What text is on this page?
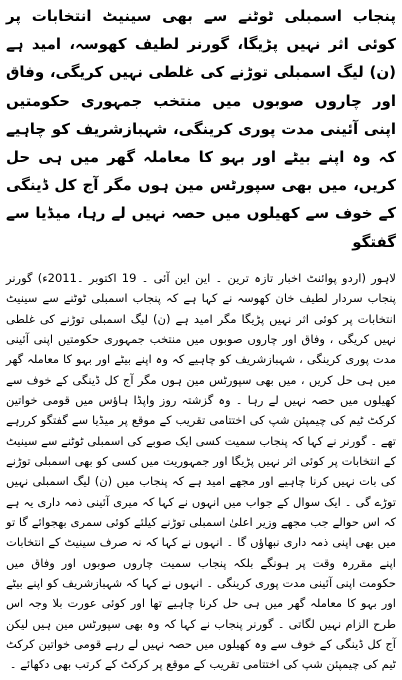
پنجاب اسمبلی ٹوٹنے سے بھی سینیٹ انتخابات پر کوئی اثر نہیں پڑیگا، گورنر لطیف کھوسہ، امید ہے (ن) لیگ اسمبلی توڑنے کی غلطی نہیں کریگی، وفاق اور چاروں صوبوں میں منتخب جمہوری حکومتیں اپنی آئینی مدت پوری کرینگی، شہبازشریف کو چاہیے کہ وہ اپنے بیٹے اور بہو کا معاملہ گھر میں ہی حل کریں، میں بھی سپورٹس مین ہوں مگر آج کل ڈینگی کے خوف سے کھیلوں میں حصہ نہیں لے رہا، میڈیا سے گفتگو

لاہور (اردو پوائنٹ اخبار تازہ ترین ۔ این این آئی ۔ 19 اکتوبر ۔2011ء) گورنر پنجاب سردار لطیف خان کھوسہ نے کہا ہے کہ پنجاب اسمبلی ٹوٹنے سے سینیٹ انتخابات پر کوئی اثر نہیں پڑیگا مگر امید ہے (ن) لیگ اسمبلی توڑنے کی غلطی نہیں کریگی ، وفاق اور چاروں صوبوں میں منتخب جمہوری حکومتیں اپنی آئینی مدت پوری کرینگی ، شہبازشریف کو چاہیے کہ وہ اپنے بیٹے اور بہو کا معاملہ گھر میں ہی حل کریں ، میں بھی سپورٹس مین ہوں مگر آج کل ڈینگی کے خوف سے کھیلوں میں حصہ نہیں لے رہا ۔ وہ گزشتہ روز واپڈا ہاؤس میں قومی خواتین کرکٹ ٹیم کی چیمپئن شپ کی اختتامی تقریب کے موقع پر میڈیا سے گفتگو کررہے تھے ۔ گورنر نے کہا کہ پنجاب سمیت کسی ایک صوبے کی اسمبلی ٹوٹنے سے سینیٹ کے انتخابات پر کوئی اثر نہیں پڑیگا اور جمہوریت میں کسی کو بھی اسمبلی توڑنے کی بات نہیں کرنا چاہیے اور مجھے امید ہے کہ پنجاب میں (ن) لیگ اسمبلی نہیں توڑے گی ۔ ایک سوال کے جواب میں انہوں نے کہا کہ میری آئینی ذمہ داری یہ ہے کہ اس حوالے جب مجھے وزیر اعلیٰ اسمبلی توڑنے کیلئے کوئی سمری بھجوائے گا تو میں بھی اپنی ذمہ داری نبھاؤں گا ۔ انہوں نے کہا کہ نہ صرف سینیٹ کے انتخابات اپنے مقررہ وقت پر ہونگے بلکہ پنجاب سمیت چاروں صوبوں اور وفاق میں حکومت اپنی آئینی مدت پوری کرینگی ۔ انہوں نے کہا کہ شہبازشریف کو اپنے بیٹے اور بہو کا معاملہ گھر میں ہی حل کرنا چاہیے تھا اور کوئی عورت بلا وجہ اس طرح الزام نہیں لگاتی ۔ گورنر پنجاب نے کہا کہ وہ بھی سپورٹس مین ہیں لیکن آج کل ڈینگی کے خوف سے وہ کھیلوں میں حصہ نہیں لے رہے قومی خواتین کرکٹ ٹیم کی چیمپئن شپ کی اختتامی تقریب کے موقع پر کرکٹ کے کرتب بھی دکھائے ۔
